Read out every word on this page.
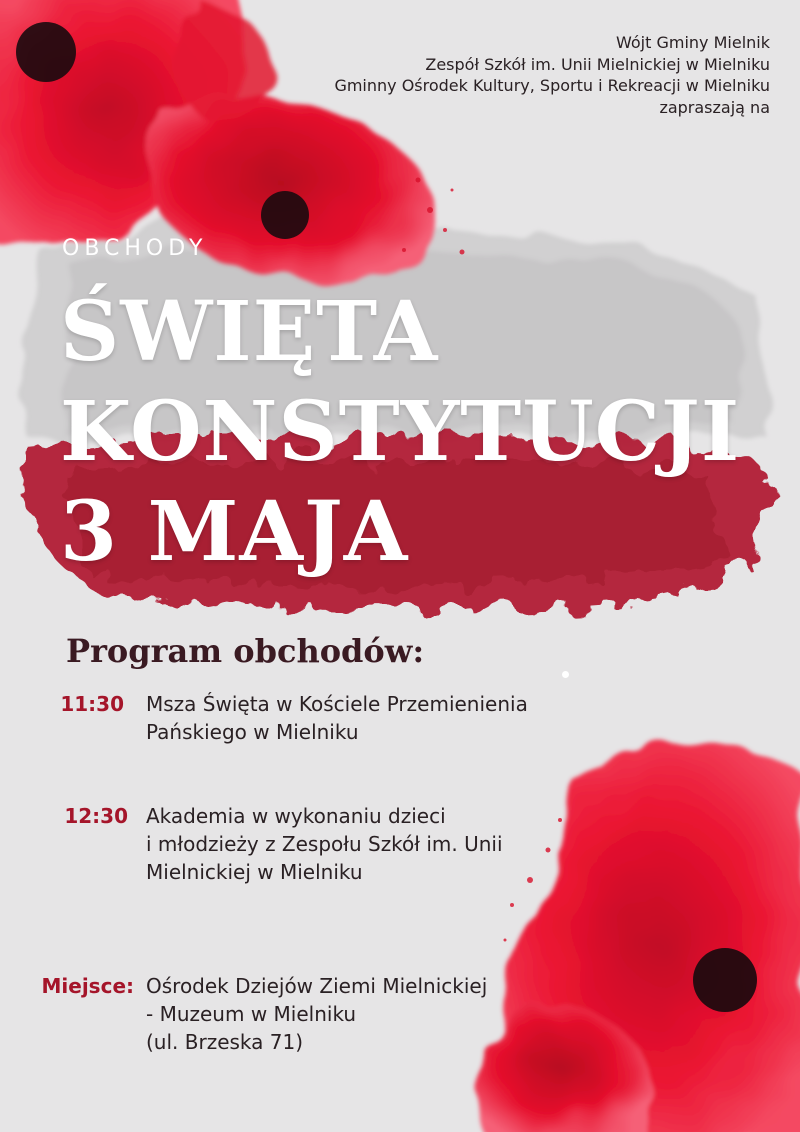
Wójt Gminy Mielnik
Zespół Szkół im. Unii Mielnickiej w Mielniku
Gminny Ośrodek Kultury, Sportu i Rekreacji w Mielniku
zapraszają na
OBCHODY
ŚWIĘTA
KONSTYTUCJI
3 MAJA
Program obchodów:
11:30 Msza Święta w Kościele Przemienienia
Pańskiego w Mielniku
12:30 Akademia w wykonaniu dzieci
i młodzieży z Zespołu Szkół im. Unii
Mielnickiej w Mielniku
Miejsce: Ośrodek Dziejów Ziemi Mielnickiej
- Muzeum w Mielniku
(ul. Brzeska 71)
